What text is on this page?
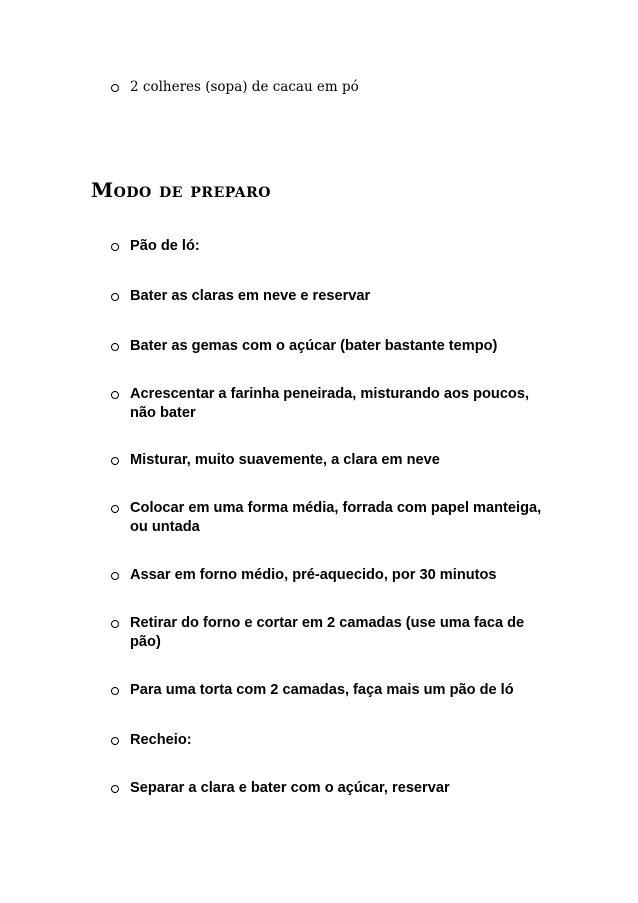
2 colheres (sopa) de cacau em pó
Modo de preparo
Pão de ló:
Bater as claras em neve e reservar
Bater as gemas com o açúcar (bater bastante tempo)
Acrescentar a farinha peneirada, misturando aos poucos, não bater
Misturar, muito suavemente, a clara em neve
Colocar em uma forma média, forrada com papel manteiga, ou untada
Assar em forno médio, pré-aquecido, por 30 minutos
Retirar do forno e cortar em 2 camadas (use uma faca de pão)
Para uma torta com 2 camadas, faça mais um pão de ló
Recheio:
Separar a clara e bater com o açúcar, reservar
